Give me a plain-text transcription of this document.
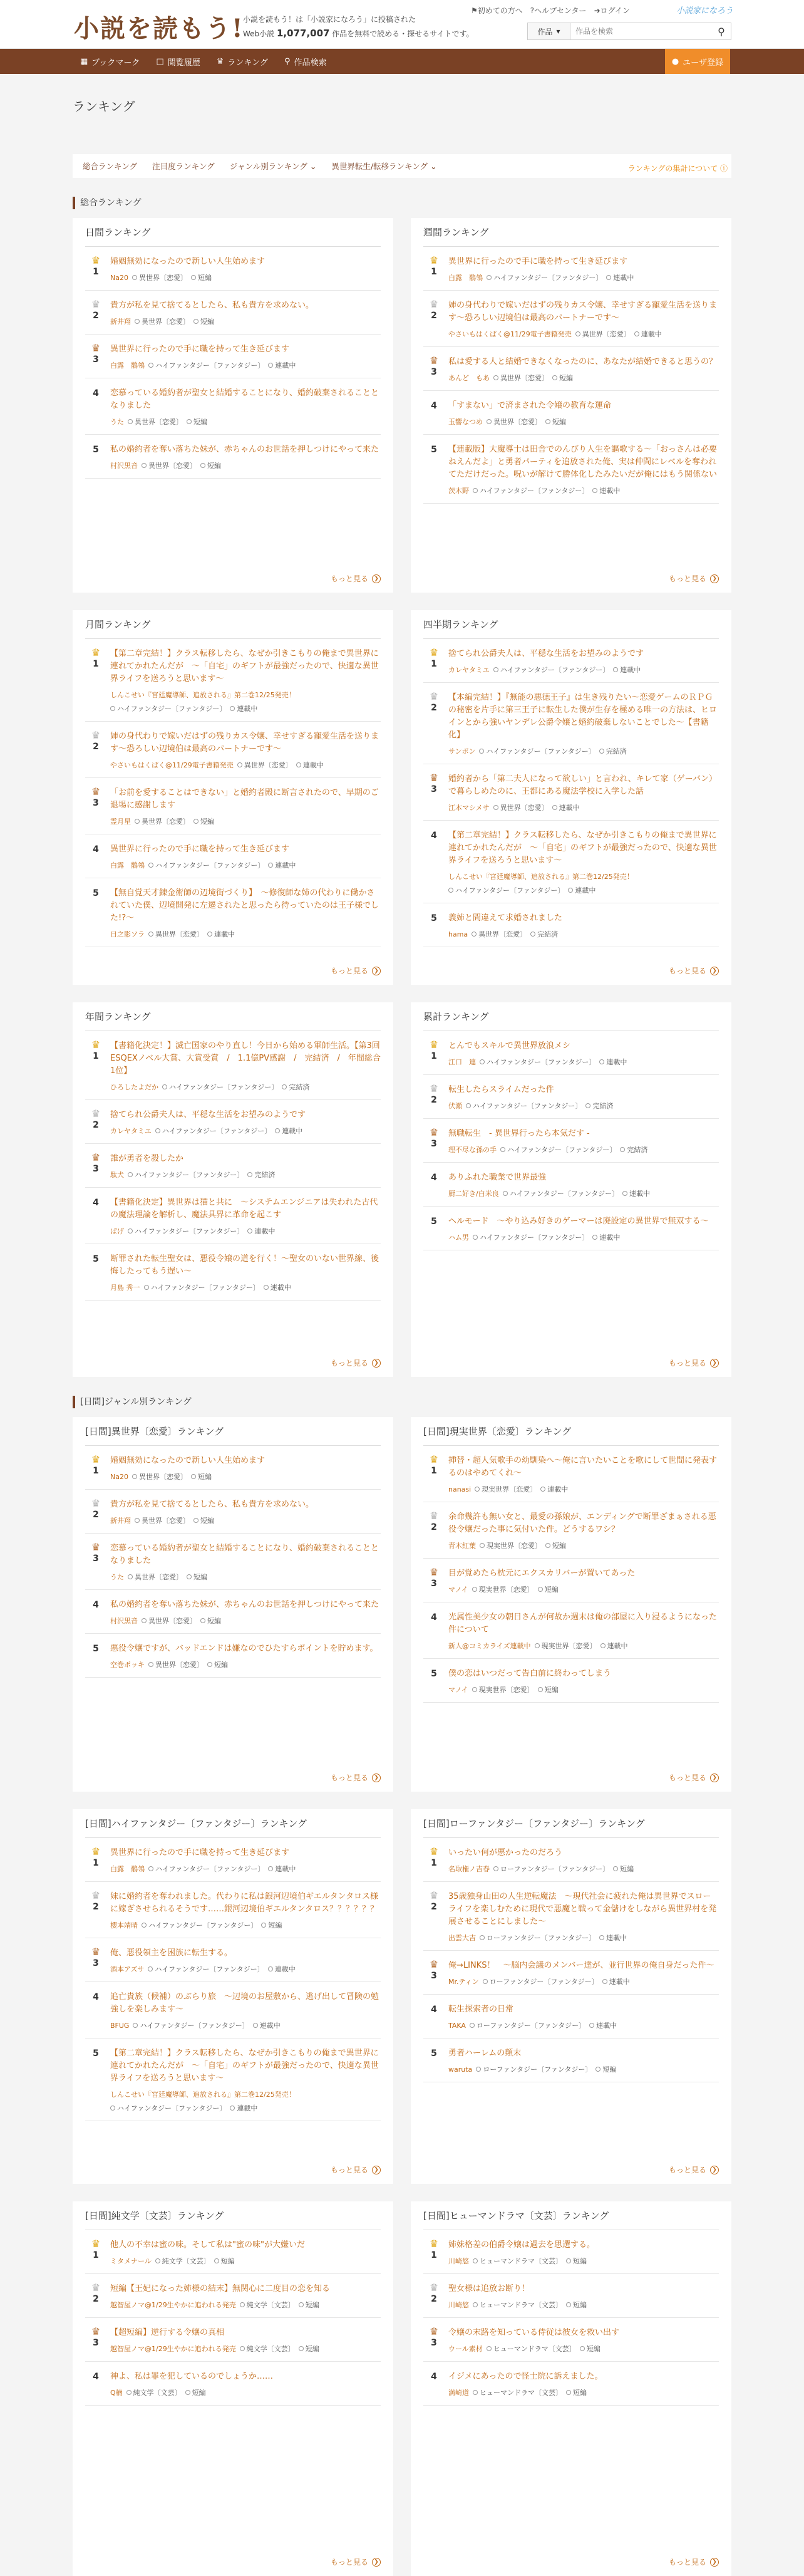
小説を読もう!
小説を読もう！は「小説家になろう」に投稿された
Web小説 1,077,007 作品を無料で読める・探せるサイトです。
⚑初めての方へ ?ヘルプセンター ➜ログイン	小説家になろう
作品 ▾
作品を検索	⚲
▦ ブックマーク □ 閲覧履歴 ♛ ランキング ⚲ 作品検索	● ユーザ登録
ランキング
ランキングの集計について ⓘ
総合ランキング 注目度ランキング ジャンル別ランキング ⌄ 異世界転生/転移ランキング ⌄
総合ランキング
日間ランキング
♛
1
婚姻無効になったので新しい人生始めます
Na20 異世界〔恋愛〕 短編
♛
2
貴方が私を見て捨てるとしたら、私も貴方を求めない。
新井翔 異世界〔恋愛〕 短編
♛
3
異世界に行ったので手に職を持って生き延びます
白露　鶺鴒 ハイファンタジー〔ファンタジー〕 連載中
4	恋慕っている婚約者が聖女と結婚することになり、婚約破棄されることとなりました
うた 異世界〔恋愛〕 短編
5	私の婚約者を奪い落ちた妹が、赤ちゃんのお世話を押しつけにやって来た
村沢黒音 異世界〔恋愛〕 短編
もっと見る	❯
週間ランキング
♛
1
異世界に行ったので手に職を持って生き延びます
白露　鶺鴒 ハイファンタジー〔ファンタジー〕 連載中
♛
2
姉の身代わりで嫁いだはずの残りカス令嬢、幸せすぎる寵愛生活を送ります〜恐ろしい辺境伯は最高のパートナーです〜
やさいもはくぱく@11/29電子書籍発売 異世界〔恋愛〕 連載中
♛
3
私は愛する人と結婚できなくなったのに、あなたが結婚できると思うの？
あんど　もあ 異世界〔恋愛〕 短編
4	「すまない」で済まされた令嬢の教育な運命
玉響なつめ 異世界〔恋愛〕 短編
5	【連載版】大魔導士は田舎でのんびり人生を謳歌する〜「おっさんは必要ねえんだよ」と勇者パーティを追放された俺、実は仲間にレベルを奪われてただけだった。呪いが解けて勝体化したみたいだが俺にはもう関係ない
茨木野 ハイファンタジー〔ファンタジー〕 連載中
もっと見る	❯
月間ランキング
♛
1
【第二章完結！】クラス転移したら、なぜか引きこもりの俺まで異世界に連れてかれたんだが　〜「自宅」のギフトが最強だったので、快適な異世界ライフを送ろうと思います〜
しんこせい『宮廷魔導師、追放される』第二巻12/25発売！
ハイファンタジー〔ファンタジー〕 連載中
♛
2
姉の身代わりで嫁いだはずの残りカス令嬢、幸せすぎる寵愛生活を送ります〜恐ろしい辺境伯は最高のパートナーです〜
やさいもはくぱく@11/29電子書籍発売 異世界〔恋愛〕 連載中
♛
3
「お前を愛することはできない」と婚約者殿に断言されたので、早期のご退場に感謝します
霊月星 異世界〔恋愛〕 短編
4	異世界に行ったので手に職を持って生き延びます
白露　鶺鴒 ハイファンタジー〔ファンタジー〕 連載中
5	【無自覚天才錬金術師の辺境街づくり】　〜修復師な姉の代わりに働かされていた僕、辺境開発に左遷されたと思ったら待っていたのは王子様でした!?〜
日之影ソラ 異世界〔恋愛〕 連載中
もっと見る	❯
四半期ランキング
♛
1
捨てられ公爵夫人は、平穏な生活をお望みのようです
カレヤタミエ ハイファンタジー〔ファンタジー〕 連載中
♛
2
【本編完結！】『無能の悪徳王子』は生き残りたい〜恋愛ゲームのＲＰＧの秘密を片手に第三王子に転生した僕が生存を極める唯一の方法は、ヒロインとから強いヤンデレ公爵令嬢と婚約破棄しないことでした〜【書籍化】
サンポン ハイファンタジー〔ファンタジー〕 完結済
♛
3
婚約者から「第二夫人になって欲しい」と言われ、キレて家（ゲーバン）で暮らしめたのに、王都にある魔法学校に入学した話
江本マシメサ 異世界〔恋愛〕 連載中
4	【第二章完結！】クラス転移したら、なぜか引きこもりの俺まで異世界に連れてかれたんだが　〜「自宅」のギフトが最強だったので、快適な異世界ライフを送ろうと思います〜
しんこせい『宮廷魔導師、追放される』第二巻12/25発売！
ハイファンタジー〔ファンタジー〕 連載中
5	義姉と間違えて求婚されました
hama 異世界〔恋愛〕 完結済
もっと見る	❯
年間ランキング
♛
1
【書籍化決定！】滅亡国家のやり直し！今日から始める軍師生活。【第3回ESQEXノベル大賞、大賞受賞　/　1.1億PV感謝　/　完結済　/　年間総合1位】
ひろしたよだか ハイファンタジー〔ファンタジー〕 完結済
♛
2
捨てられ公爵夫人は、平穏な生活をお望みのようです
カレヤタミエ ハイファンタジー〔ファンタジー〕 連載中
♛
3
誰が勇者を殺したか
駄犬 ハイファンタジー〔ファンタジー〕 完結済
4	【書籍化決定】異世界は猫と共に　〜システムエンジニアは失われた古代の魔法理論を解析し、魔法具界に革命を起こす
ぱげ ハイファンタジー〔ファンタジー〕 連載中
5	断罪された転生聖女は、悪役令嬢の道を行く！〜聖女のいない世界線、後悔したってもう遅い〜
月島 秀一 ハイファンタジー〔ファンタジー〕 連載中
もっと見る	❯
累計ランキング
♛
1
とんでもスキルで異世界放浪メシ
江口　連 ハイファンタジー〔ファンタジー〕 連載中
♛
2
転生したらスライムだった件
伏瀬 ハイファンタジー〔ファンタジー〕 完結済
♛
3
無職転生　- 異世界行ったら本気だす -
理不尽な孫の手 ハイファンタジー〔ファンタジー〕 完結済
4	ありふれた職業で世界最強
厨二好き/白米良 ハイファンタジー〔ファンタジー〕 連載中
5	ヘルモード　〜やり込み好きのゲーマーは廃設定の異世界で無双する〜
ハム男 ハイファンタジー〔ファンタジー〕 連載中
もっと見る	❯
[日間]ジャンル別ランキング
[日間]異世界〔恋愛〕ランキング
♛
1
婚姻無効になったので新しい人生始めます
Na20 異世界〔恋愛〕 短編
♛
2
貴方が私を見て捨てるとしたら、私も貴方を求めない。
新井翔 異世界〔恋愛〕 短編
♛
3
恋慕っている婚約者が聖女と結婚することになり、婚約破棄されることとなりました
うた 異世界〔恋愛〕 短編
4	私の婚約者を奪い落ちた妹が、赤ちゃんのお世話を押しつけにやって来た
村沢黒音 異世界〔恋愛〕 短編
5	悪役令嬢ですが、バッドエンドは嫌なのでひたすらポイントを貯めます。
空巻ポッキ 異世界〔恋愛〕 短編
もっと見る	❯
[日間]現実世界〔恋愛〕ランキング
♛
1
挿替・超人気歌手の幼馴染へ〜俺に言いたいことを歌にして世間に発表するのはやめてくれ〜
nanasi 現実世界〔恋愛〕 連載中
♛
2
余命幾許も無い女と、最愛の孫娘が、エンディングで断罪ざまぁされる悪役令嬢だった事に気付いた件。どうするワシ？
青木紅葉 現実世界〔恋愛〕 短編
♛
3
目が覚めたら枕元にエクスカリバーが置いてあった
マノイ 現実世界〔恋愛〕 短編
4	光属性美少女の朝日さんが何故か週末は俺の部屋に入り浸るようになった件について
新人@コミカライズ連載中 現実世界〔恋愛〕 連載中
5	僕の恋はいつだって告白前に終わってしまう
マノイ 現実世界〔恋愛〕 短編
もっと見る	❯
[日間]ハイファンタジー〔ファンタジー〕ランキング
♛
1
異世界に行ったので手に職を持って生き延びます
白露　鶺鴒 ハイファンタジー〔ファンタジー〕 連載中
♛
2
妹に婚約者を奪われました。代わりに私は銀河辺境伯ギエルタンタロス様に嫁ぎさせられるそうです……銀河辺境伯ギエルタンタロス？？？？？？
櫻本靖晴 ハイファンタジー〔ファンタジー〕 短編
♛
3
俺、悪役領主を困族に転生する。
酒本アズサ ハイファンタジー〔ファンタジー〕 連載中
4	追亡貴族（候補）のぶらり旅　〜辺境のお屋敷から、逃げ出して冒険の勉強しを楽しみます〜
BFUG ハイファンタジー〔ファンタジー〕 連載中
5	【第二章完結！】クラス転移したら、なぜか引きこもりの俺まで異世界に連れてかれたんだが　〜「自宅」のギフトが最強だったので、快適な異世界ライフを送ろうと思います〜
しんこせい『宮廷魔導師、追放される』第二巻12/25発売！
ハイファンタジー〔ファンタジー〕 連載中
もっと見る	❯
[日間]ローファンタジー〔ファンタジー〕ランキング
♛
1
いったい何が悪かったのだろう
名取権ノ吉春 ローファンタジー〔ファンタジー〕 短編
♛
2
35歳独身山田の人生逆転魔法　〜現代社会に疲れた俺は異世界でスローライフを楽しむために現代で悪魔と戦って金儲けをしながら異世界村を発展させることにしました〜
出雲大吉 ローファンタジー〔ファンタジー〕 連載中
♛
3
俺→LINKS！　〜脳内会議のメンバー達が、並行世界の俺自身だった件〜
Mr.ティン ローファンタジー〔ファンタジー〕 連載中
4	転生探索者の日常
TAKA ローファンタジー〔ファンタジー〕 連載中
5	勇者ハーレムの顛末
waruta ローファンタジー〔ファンタジー〕 短編
もっと見る	❯
[日間]純文学〔文芸〕ランキング
♛
1
他人の不幸は蜜の味。そして私は"蜜の味"が大嫌いだ
ミタメナール 純文学〔文芸〕 短編
♛
2
短編【王妃になった姉様の結末】無関心に二度目の恋を知る
越智屋ノマ@1/29生やかに追われる発売 純文学〔文芸〕 短編
♛
3
【超短編】逆行する令嬢の真相
越智屋ノマ@1/29生やかに追われる発売 純文学〔文芸〕 短編
4	神よ、私は罪を犯しているのでしょうか……
Q楠 純文学〔文芸〕 短編
もっと見る	❯
[日間]ヒューマンドラマ〔文芸〕ランキング
♛
1
姉妹格差の伯爵令嬢は過去を思選する。
川崎悠 ヒューマンドラマ〔文芸〕 短編
♛
2
聖女様は追放お断り！
川崎悠 ヒューマンドラマ〔文芸〕 短編
♛
3
令嬢の末路を知っている侍従は彼女を救い出す
ウール素材 ヒューマンドラマ〔文芸〕 短編
4	イジメにあったので怪士院に訴えました。
満崎道 ヒューマンドラマ〔文芸〕 短編
もっと見る	❯
